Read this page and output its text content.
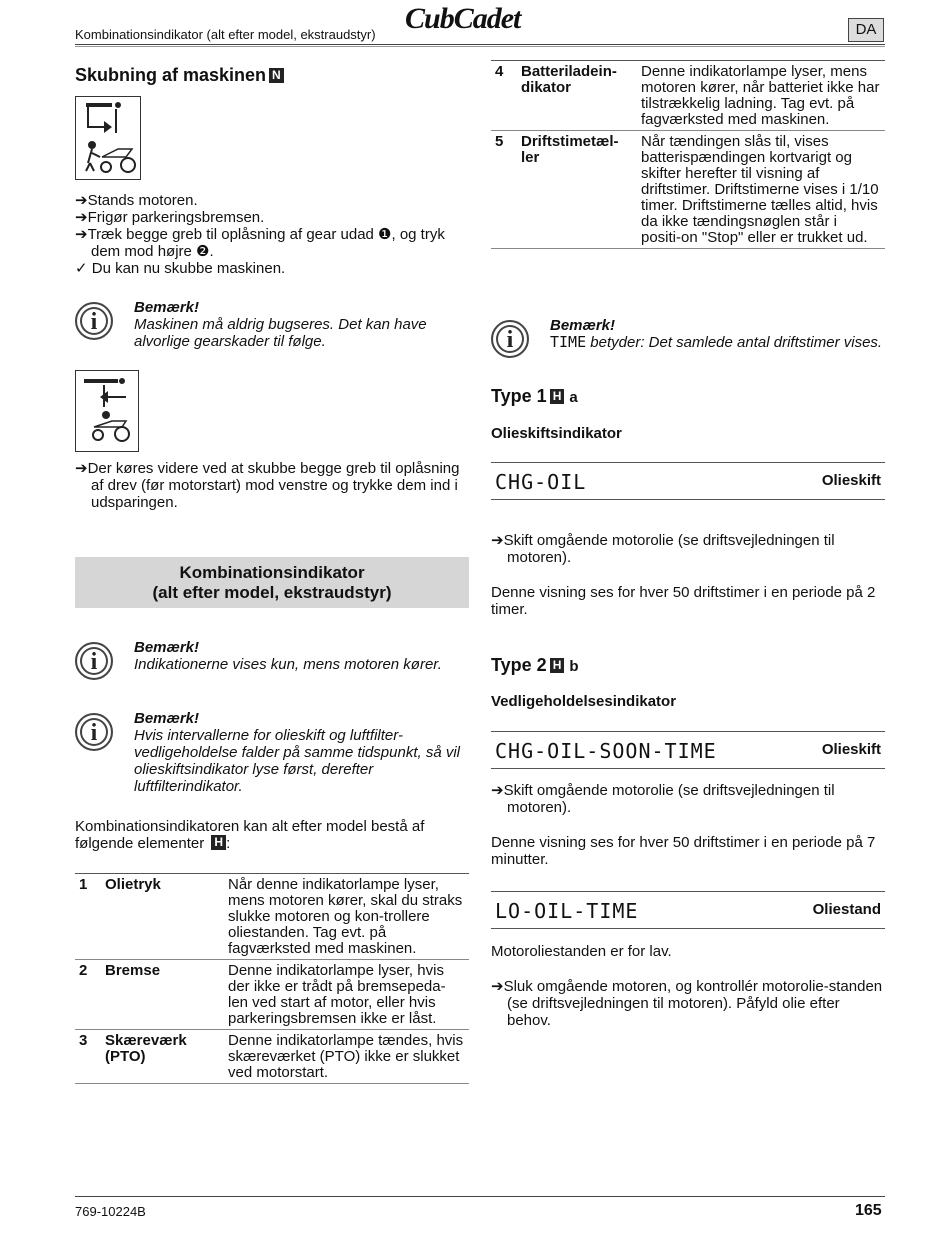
Kombinationsindikator (alt efter model, ekstraudstyr) CubCadet	DA
Skubning af maskinen N
➔Stands motoren.
➔Frigør parkeringsbremsen.
➔Træk begge greb til oplåsning af gear udad ❶, og tryk dem mod højre ❷.
✓ Du kan nu skubbe maskinen.
i
Bemærk!
Maskinen må aldrig bugseres. Det kan have alvorlige gearskader til følge.
➔Der køres videre ved at skubbe begge greb til oplåsning af drev (før motorstart) mod venstre og trykke dem ind i udsparingen.
Kombinationsindikator
(alt efter model, ekstraudstyr)
i
Bemærk!
Indikationerne vises kun, mens motoren kører.
i
Bemærk!
Hvis intervallerne for olieskift og luftfilter-vedligeholdelse falder på samme tidspunkt, så vil olieskiftsindikator lyse først, derefter luftfilterindikator.
Kombinationsindikatoren kan alt efter model bestå af følgende elementer H :
1	Olietryk	Når denne indikatorlampe lyser, mens motoren kører, skal du straks slukke motoren og kon-trollere oliestanden. Tag evt. på fagværksted med maskinen.
2	Bremse	Denne indikatorlampe lyser, hvis der ikke er trådt på bremsepeda-len ved start af motor, eller hvis parkeringsbremsen ikke er låst.
3	Skæreværk (PTO)	Denne indikatorlampe tændes, hvis skæreværket (PTO) ikke er slukket ved motorstart.
4	Batteriladein-dikator	Denne indikatorlampe lyser, mens motoren kører, når batteriet ikke har tilstrækkelig ladning. Tag evt. på fagværksted med maskinen.
5	Driftstimetæl-ler	Når tændingen slås til, vises batterispændingen kortvarigt og skifter herefter til visning af driftstimer. Driftstimerne vises i 1/10 timer. Driftstimerne tælles altid, hvis da ikke tændingsnøglen står i positi-on "Stop" eller er trukket ud.
i
Bemærk!
TIME betyder: Det samlede antal driftstimer vises.
Type 1 H a
Olieskiftsindikator
CHG-OIL	Olieskift
➔Skift omgående motorolie (se driftsvejledningen til motoren).
Denne visning ses for hver 50 driftstimer i en periode på 2 timer.
Type 2 H b
Vedligeholdelsesindikator
CHG-OIL-SOON-TIME	Olieskift
➔Skift omgående motorolie (se driftsvejledningen til motoren).
Denne visning ses for hver 50 driftstimer i en periode på 7 minutter.
LO-OIL-TIME	Oliestand
Motoroliestanden er for lav.
➔Sluk omgående motoren, og kontrollér motorolie-standen (se driftsvejledningen til motoren). Påfyld olie efter behov.
769-10224B	165
